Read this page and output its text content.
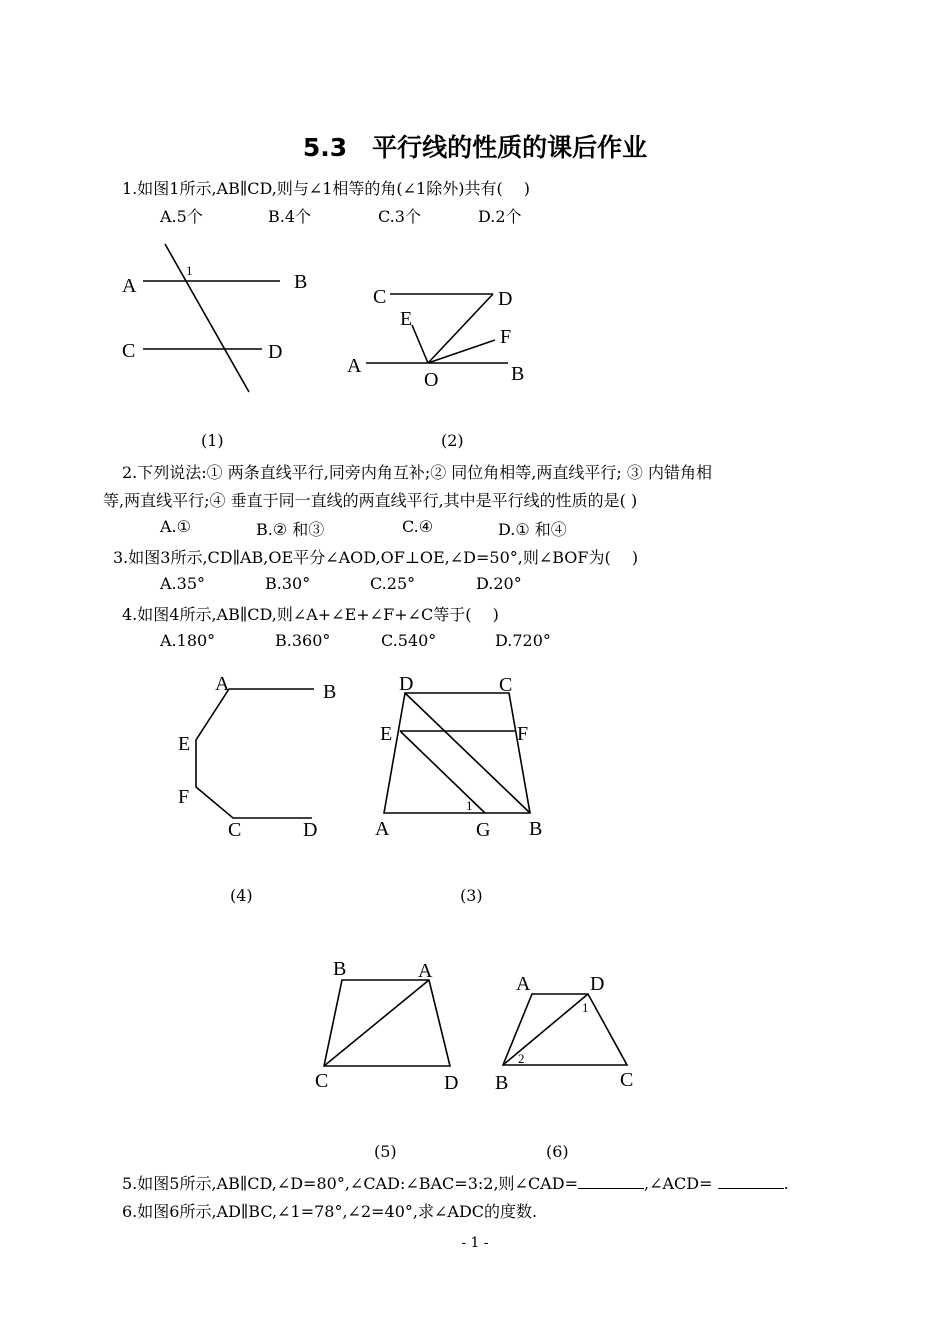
5.3　平行线的性质的课后作业
1.如图1所示,AB∥CD,则与∠1相等的角(∠1除外)共有(　 )
A.5个	B.4个	C.3个	D.2个
A	B
C	D
1
C	D
E
F
A
O	B
A	B
E
F
C	D
D	C
E	F
A	G B
1
B	A
C	D
A	D
B	C
1
2
(1)	(2)
2.下列说法:① 两条直线平行,同旁内角互补;② 同位角相等,两直线平行; ③ 内错角相
等,两直线平行;④ 垂直于同一直线的两直线平行,其中是平行线的性质的是( )
A.①	B.② 和③	C.④	D.① 和④
3.如图3所示,CD∥AB,OE平分∠AOD,OF⊥OE,∠D=50°,则∠BOF为(　 )
A.35°	B.30°	C.25°	D.20°
4.如图4所示,AB∥CD,则∠A+∠E+∠F+∠C等于(　 )
A.180°	B.360°	C.540°	D.720°
(4)	(3)
(5)	(6)
5.如图5所示,AB∥CD,∠D=80°,∠CAD:∠BAC=3:2,则∠CAD=	,∠ACD=	.
6.如图6所示,AD∥BC,∠1=78°,∠2=40°,求∠ADC的度数.
- 1 -
